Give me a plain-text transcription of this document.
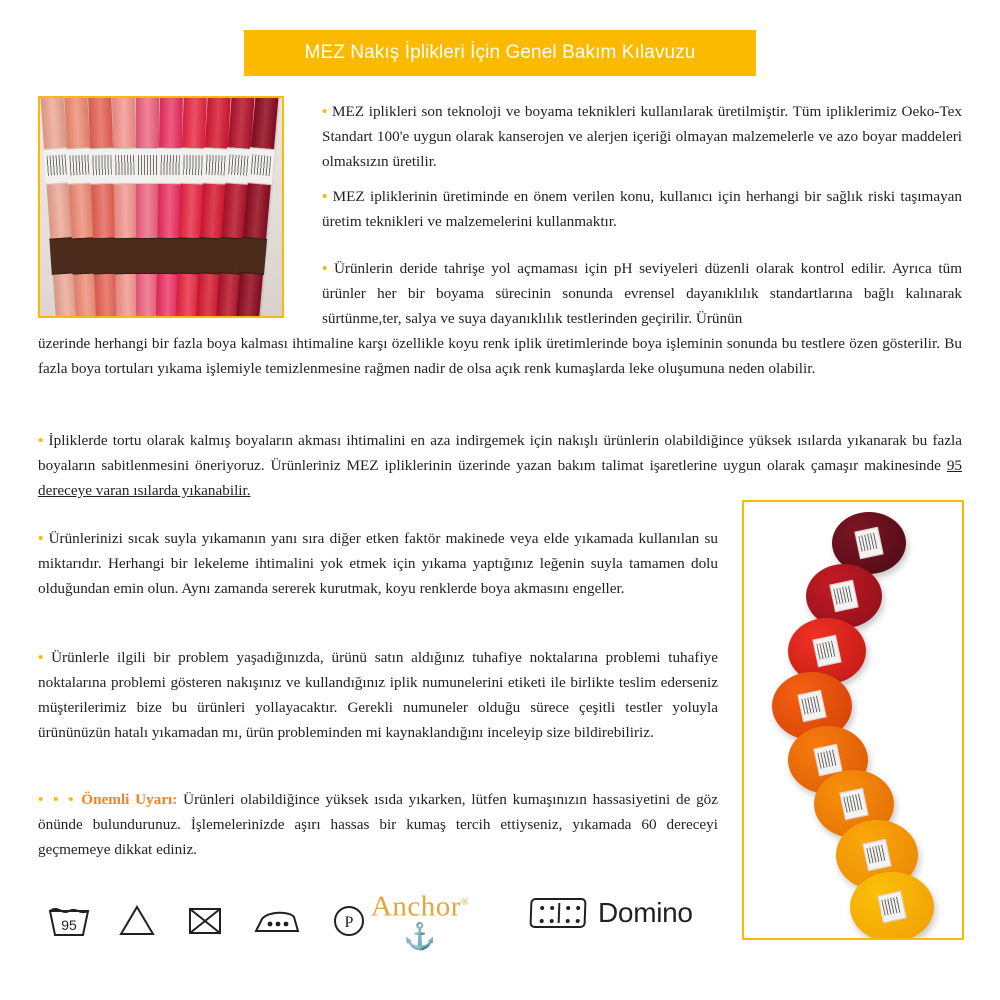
MEZ Nakış İplikleri İçin Genel Bakım Kılavuzu
• MEZ iplikleri son teknoloji ve boyama teknikleri kullanılarak üretilmiştir. Tüm ipliklerimiz Oeko-Tex Standart 100'e uygun olarak kanserojen ve alerjen içeriği olmayan malzemelerle ve azo boyar maddeleri olmaksızın üretilir.
• MEZ ipliklerinin üretiminde en önem verilen konu, kullanıcı için herhangi bir sağlık riski taşımayan üretim teknikleri ve malzemelerini kullanmaktır.
• Ürünlerin deride tahrişe yol açmaması için pH seviyeleri düzenli olarak kontrol edilir. Ayrıca tüm ürünler her bir boyama sürecinin sonunda evrensel dayanıklılık standartlarına bağlı kalınarak sürtünme,ter, salya ve suya dayanıklılık testlerinden geçirilir. Ürünün
üzerinde herhangi bir fazla boya kalması ihtimaline karşı özellikle koyu renk iplik üretimlerinde boya işleminin sonunda bu testlere özen gösterilir. Bu fazla boya tortuları yıkama işlemiyle temizlenmesine rağmen nadir de olsa açık renk kumaşlarda leke oluşumuna neden olabilir.
• İpliklerde tortu olarak kalmış boyaların akması ihtimalini en aza indirgemek için nakışlı ürünlerin olabildiğince yüksek ısılarda yıkanarak bu fazla boyaların sabitlenmesini öneriyoruz. Ürünleriniz MEZ ipliklerinin üzerinde yazan bakım talimat işaretlerine uygun olarak çamaşır makinesinde 95 dereceye varan ısılarda yıkanabilir.
• Ürünlerinizi sıcak suyla yıkamanın yanı sıra diğer etken faktör makinede veya elde yıkamada kullanılan su miktarıdır. Herhangi bir lekeleme ihtimalini yok etmek için yıkama yaptığınız leğenin suyla tamamen dolu olduğundan emin olun. Aynı zamanda sererek kurutmak, koyu renklerde boya akmasını engeller.
• Ürünlerle ilgili bir problem yaşadığınızda, ürünü satın aldığınız tuhafiye noktalarına problemi tuhafiye noktalarına problemi gösteren nakışınız ve kullandığınız iplik numunelerini etiketi ile birlikte teslim ederseniz müşterilerimiz bize bu ürünleri yollayacaktır. Gerekli numuneler olduğu sürece çeşitli testler yoluyla ürününüzün hatalı yıkamadan mı, ürün probleminden mi kaynaklandığını inceleyip size bildirebiliriz.
• • • Önemli Uyarı: Ürünleri olabildiğince yüksek ısıda yıkarken, lütfen kumaşınızın hassasiyetini de göz önünde bulundurunuz. İşlemelerinizde aşırı hassas bir kumaş tercih ettiyseniz, yıkamada 60 dereceyi geçmemeye dikkat ediniz.
95	P Anchor®
⚓
Domino
